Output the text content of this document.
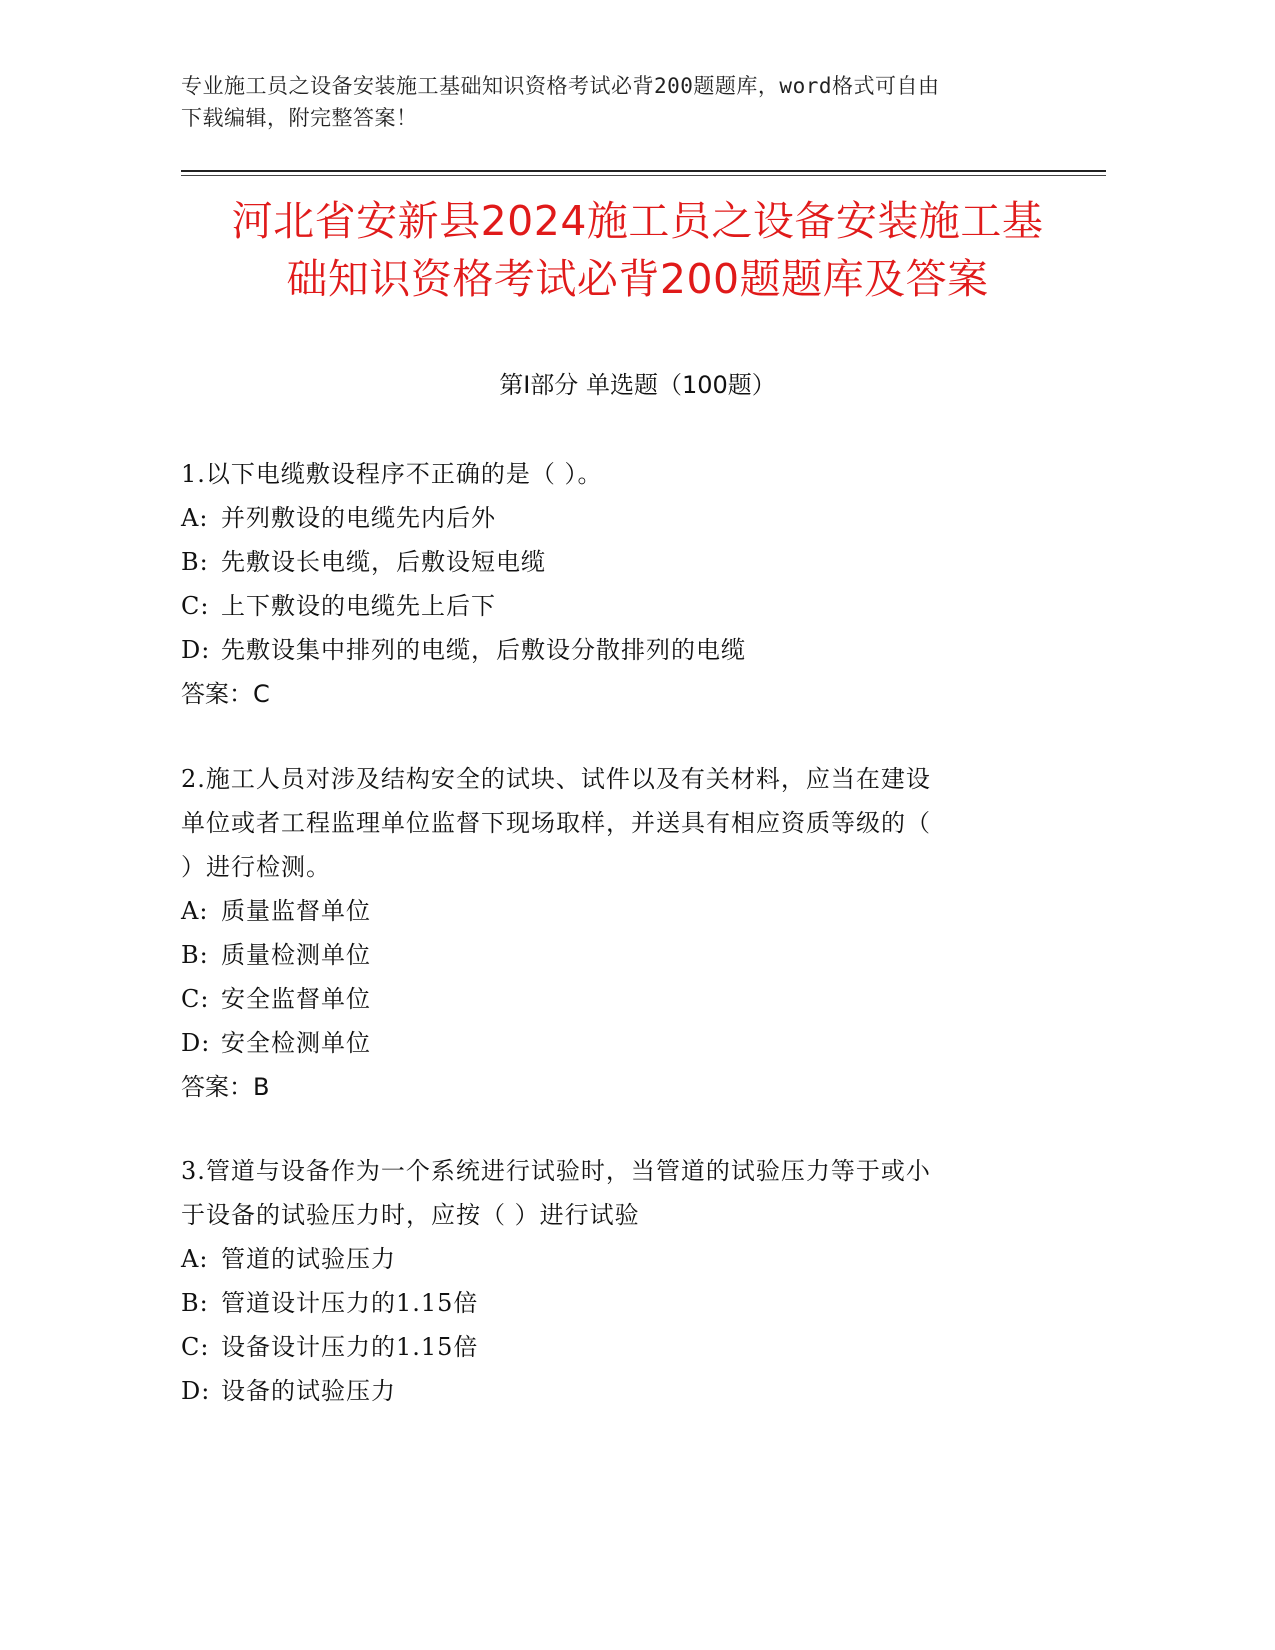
专业施工员之设备安装施工基础知识资格考试必背200题题库，word格式可自由
下载编辑，附完整答案！
河北省安新县2024施工员之设备安装施工基
础知识资格考试必背200题题库及答案
第Ⅰ部分 单选题（100题）

1.以下电缆敷设程序不正确的是（ ）。

A: 并列敷设的电缆先内后外

B: 先敷设长电缆，后敷设短电缆

C: 上下敷设的电缆先上后下

D: 先敷设集中排列的电缆，后敷设分散排列的电缆

答案：C

2.施工人员对涉及结构安全的试块、试件以及有关材料，应当在建设

单位或者工程监理单位监督下现场取样，并送具有相应资质等级的（

）进行检测。

A: 质量监督单位

B: 质量检测单位

C: 安全监督单位

D: 安全检测单位

答案：B

3.管道与设备作为一个系统进行试验时，当管道的试验压力等于或小

于设备的试验压力时，应按（ ）进行试验

A: 管道的试验压力

B: 管道设计压力的1.15倍

C: 设备设计压力的1.15倍

D: 设备的试验压力
